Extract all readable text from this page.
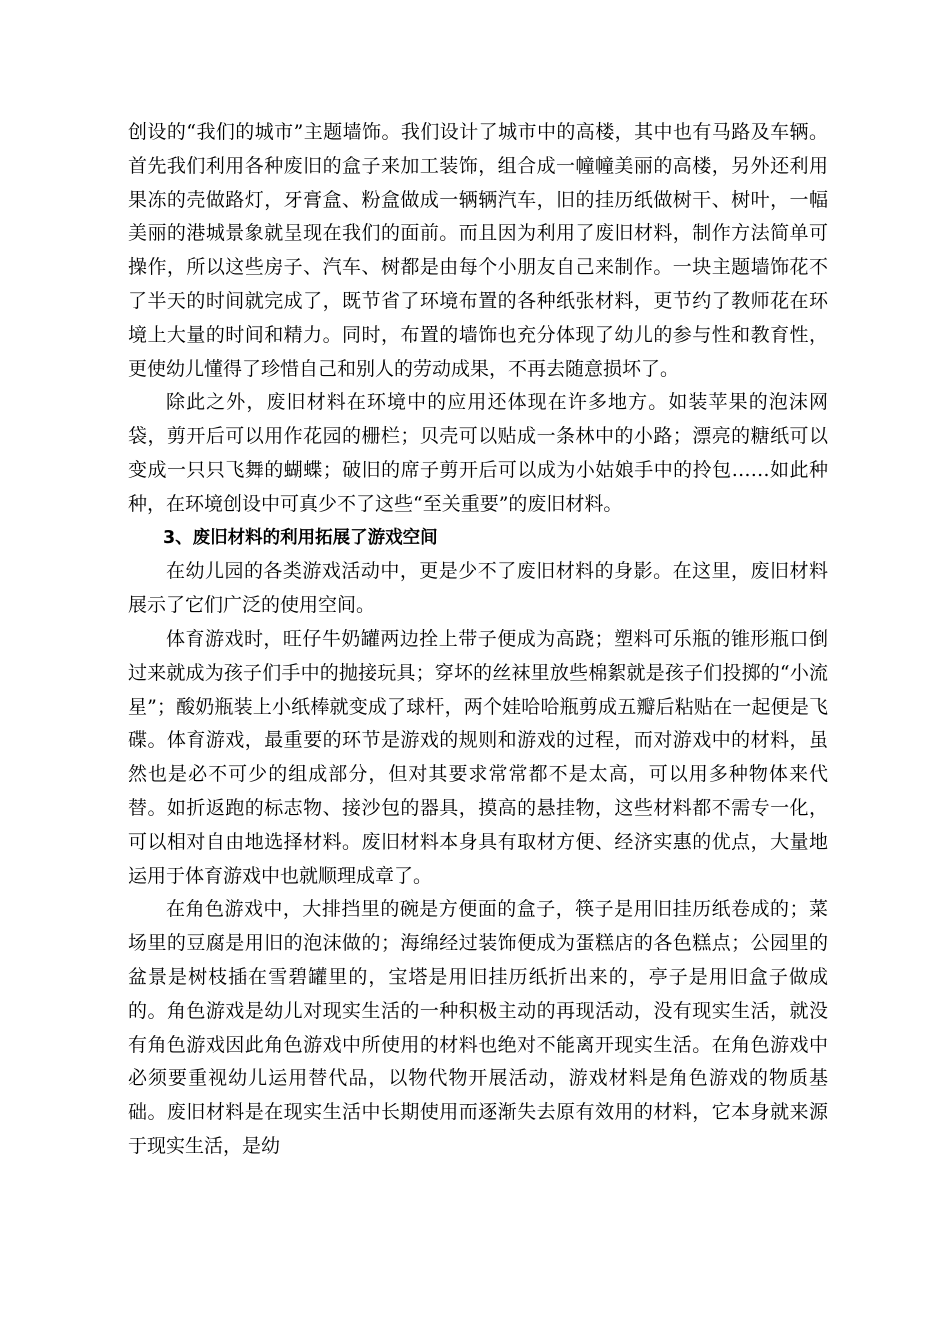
创设的“我们的城市”主题墙饰。我们设计了城市中的高楼，其中也有马路及车辆。首先我们利用各种废旧的盒子来加工装饰，组合成一幢幢美丽的高楼，另外还利用果冻的壳做路灯，牙膏盒、粉盒做成一辆辆汽车，旧的挂历纸做树干、树叶，一幅美丽的港城景象就呈现在我们的面前。而且因为利用了废旧材料，制作方法简单可操作，所以这些房子、汽车、树都是由每个小朋友自己来制作。一块主题墙饰花不了半天的时间就完成了，既节省了环境布置的各种纸张材料，更节约了教师花在环境上大量的时间和精力。同时，布置的墙饰也充分体现了幼儿的参与性和教育性，更使幼儿懂得了珍惜自己和别人的劳动成果，不再去随意损坏了。

除此之外，废旧材料在环境中的应用还体现在许多地方。如装苹果的泡沫网袋，剪开后可以用作花园的栅栏；贝壳可以贴成一条林中的小路；漂亮的糖纸可以变成一只只飞舞的蝴蝶；破旧的席子剪开后可以成为小姑娘手中的拎包……如此种种，在环境创设中可真少不了这些“至关重要”的废旧材料。

3、废旧材料的利用拓展了游戏空间

在幼儿园的各类游戏活动中，更是少不了废旧材料的身影。在这里，废旧材料展示了它们广泛的使用空间。

体育游戏时，旺仔牛奶罐两边拴上带子便成为高跷；塑料可乐瓶的锥形瓶口倒过来就成为孩子们手中的抛接玩具；穿坏的丝袜里放些棉絮就是孩子们投掷的“小流星”；酸奶瓶装上小纸棒就变成了球杆，两个娃哈哈瓶剪成五瓣后粘贴在一起便是飞碟。体育游戏，最重要的环节是游戏的规则和游戏的过程，而对游戏中的材料，虽然也是必不可少的组成部分，但对其要求常常都不是太高，可以用多种物体来代替。如折返跑的标志物、接沙包的器具，摸高的悬挂物，这些材料都不需专一化，可以相对自由地选择材料。废旧材料本身具有取材方便、经济实惠的优点，大量地运用于体育游戏中也就顺理成章了。

在角色游戏中，大排挡里的碗是方便面的盒子，筷子是用旧挂历纸卷成的；菜场里的豆腐是用旧的泡沫做的；海绵经过装饰便成为蛋糕店的各色糕点；公园里的盆景是树枝插在雪碧罐里的，宝塔是用旧挂历纸折出来的，亭子是用旧盒子做成的。角色游戏是幼儿对现实生活的一种积极主动的再现活动，没有现实生活，就没有角色游戏因此角色游戏中所使用的材料也绝对不能离开现实生活。在角色游戏中必须要重视幼儿运用替代品，以物代物开展活动，游戏材料是角色游戏的物质基础。废旧材料是在现实生活中长期使用而逐渐失去原有效用的材料，它本身就来源于现实生活，是幼
